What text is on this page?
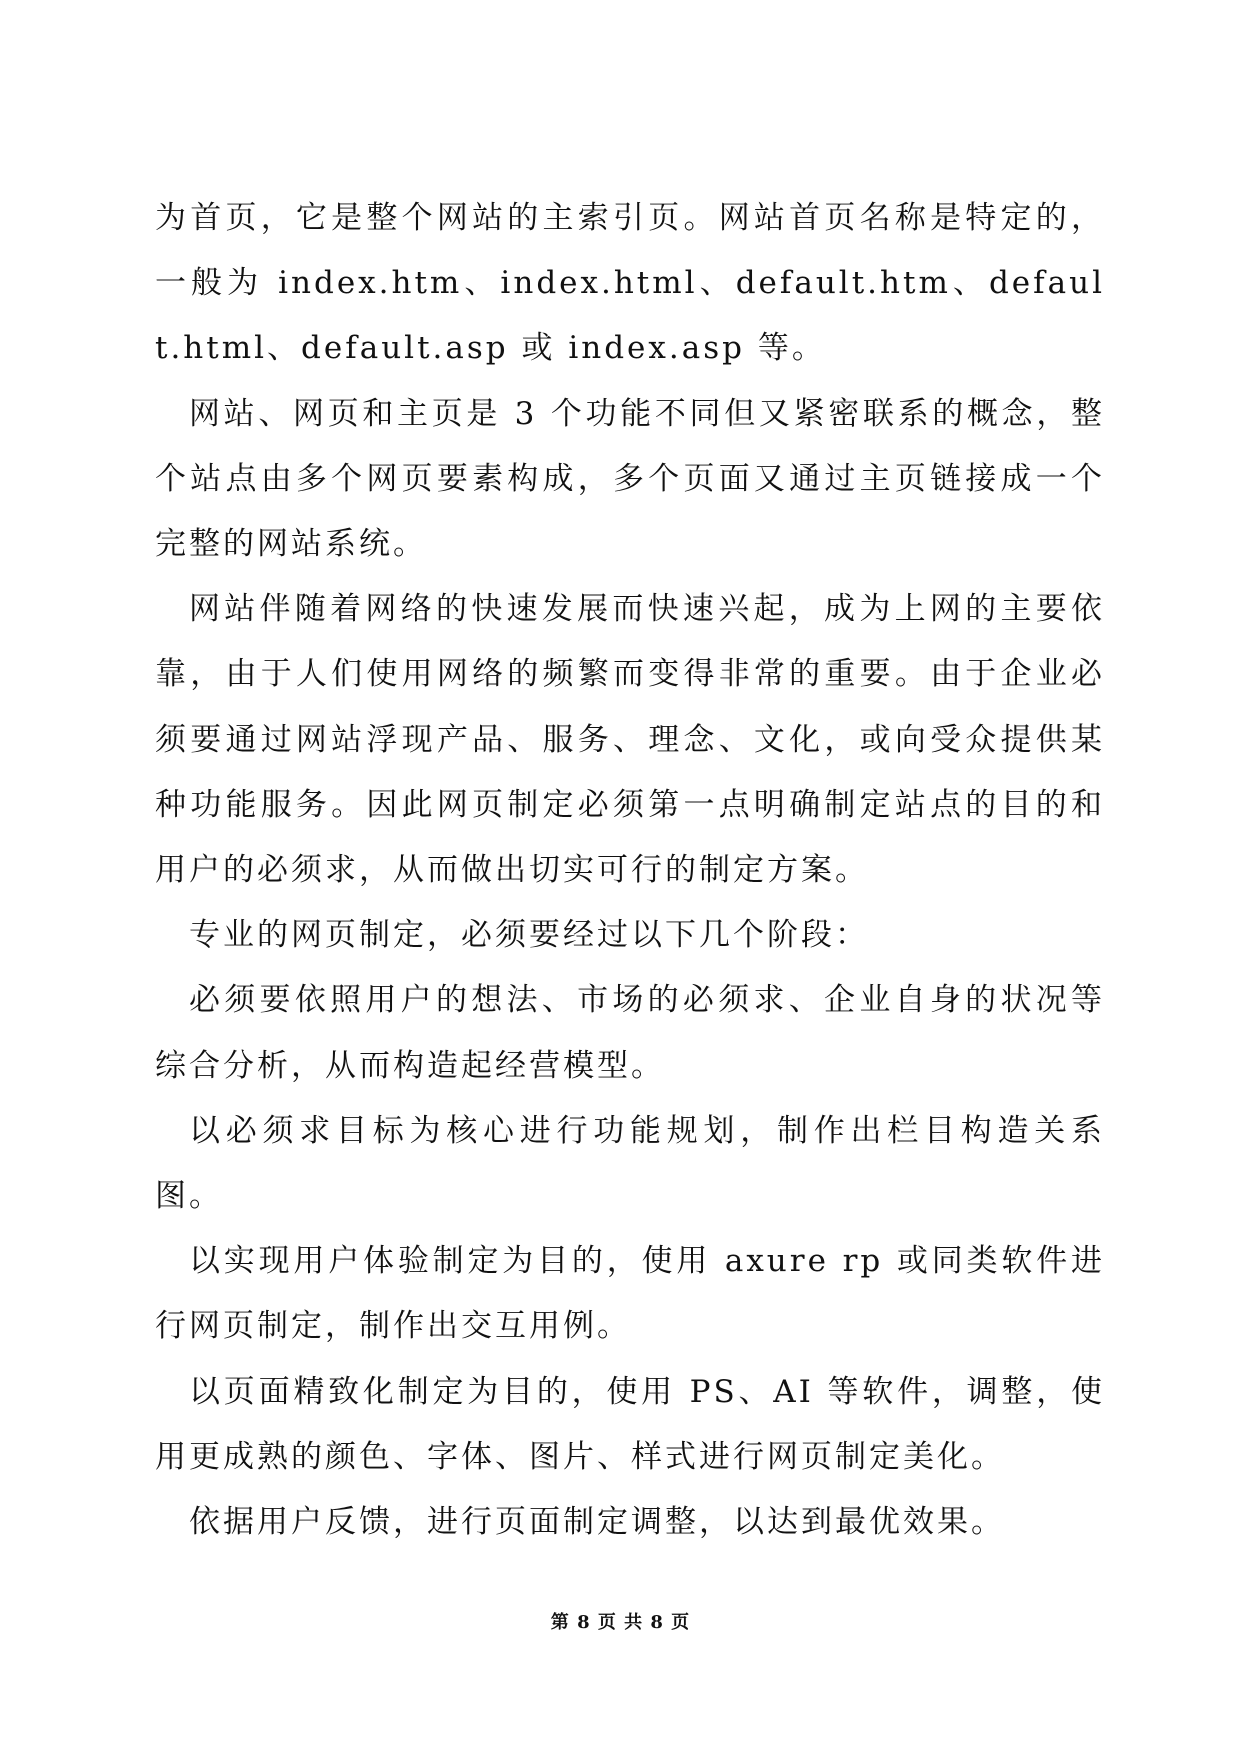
为首页，它是整个网站的主索引页。网站首页名称是特定的，一般为 index.htm、index.html、default.htm、default.html、default.asp 或 index.asp 等。

网站、网页和主页是 3 个功能不同但又紧密联系的概念，整个站点由多个网页要素构成，多个页面又通过主页链接成一个完整的网站系统。

网站伴随着网络的快速发展而快速兴起，成为上网的主要依靠，由于人们使用网络的频繁而变得非常的重要。由于企业必须要通过网站浮现产品、服务、理念、文化，或向受众提供某种功能服务。因此网页制定必须第一点明确制定站点的目的和用户的必须求，从而做出切实可行的制定方案。

专业的网页制定，必须要经过以下几个阶段：

必须要依照用户的想法、市场的必须求、企业自身的状况等综合分析，从而构造起经营模型。

以必须求目标为核心进行功能规划，制作出栏目构造关系图。

以实现用户体验制定为目的，使用 axure rp 或同类软件进行网页制定，制作出交互用例。

以页面精致化制定为目的，使用 PS、AI 等软件，调整，使用更成熟的颜色、字体、图片、样式进行网页制定美化。

依据用户反馈，进行页面制定调整，以达到最优效果。

第 8 页 共 8 页
